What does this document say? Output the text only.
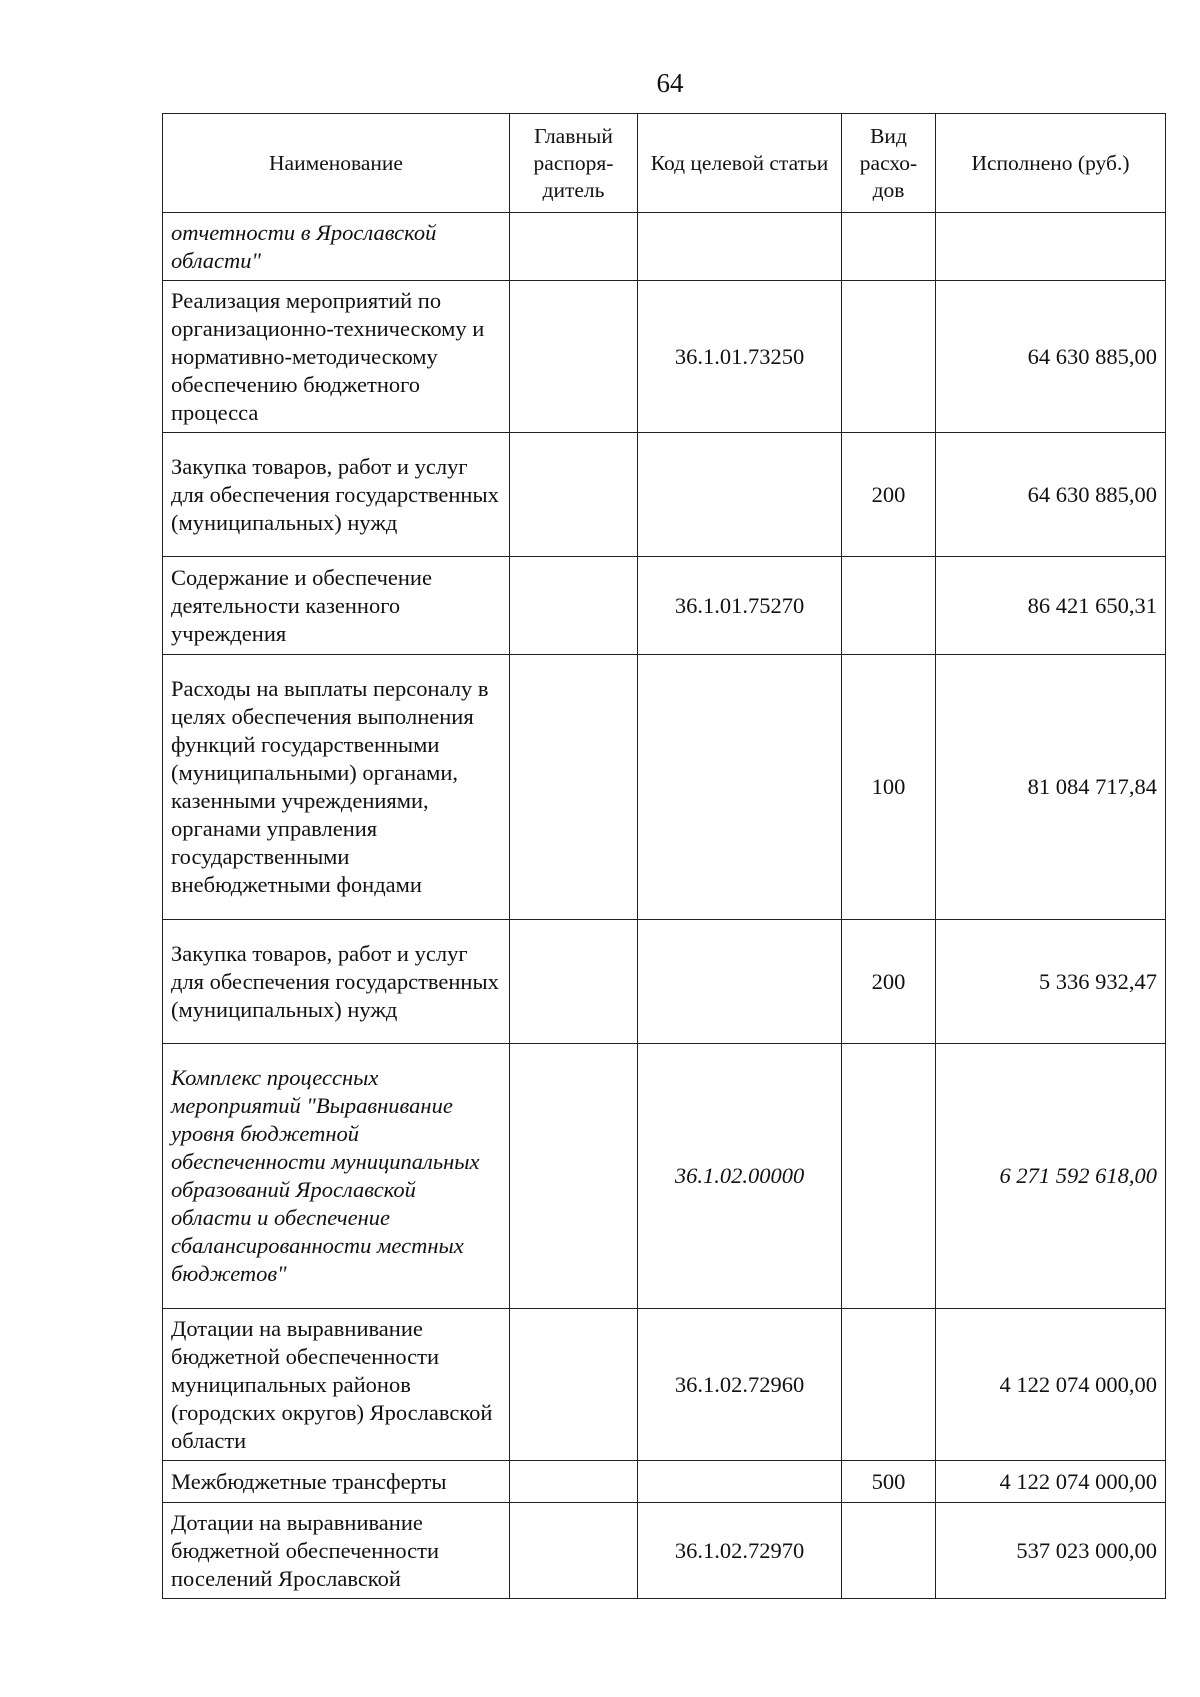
64
Наименование	Главный распоря-дитель	Код целевой статьи	Вид расхо-дов	Исполнено (руб.)
отчетности в Ярославской области"				
Реализация мероприятий по организационно-техническому и нормативно-методическому обеспечению бюджетного процесса		36.1.01.73250		64 630 885,00
Закупка товаров, работ и услуг для обеспечения государственных (муниципальных) нужд			200	64 630 885,00
Содержание и обеспечение деятельности казенного учреждения		36.1.01.75270		86 421 650,31
Расходы на выплаты персоналу в целях обеспечения выполнения функций государственными (муниципальными) органами, казенными учреждениями, органами управления государственными внебюджетными фондами			100	81 084 717,84
Закупка товаров, работ и услуг для обеспечения государственных (муниципальных) нужд			200	5 336 932,47
Комплекс процессных мероприятий "Выравнивание уровня бюджетной обеспеченности муниципальных образований Ярославской области и обеспечение сбалансированности местных бюджетов"		36.1.02.00000		6 271 592 618,00
Дотации на выравнивание бюджетной обеспеченности муниципальных районов (городских округов) Ярославской области		36.1.02.72960		4 122 074 000,00
Межбюджетные трансферты			500	4 122 074 000,00
Дотации на выравнивание бюджетной обеспеченности поселений Ярославской		36.1.02.72970		537 023 000,00
